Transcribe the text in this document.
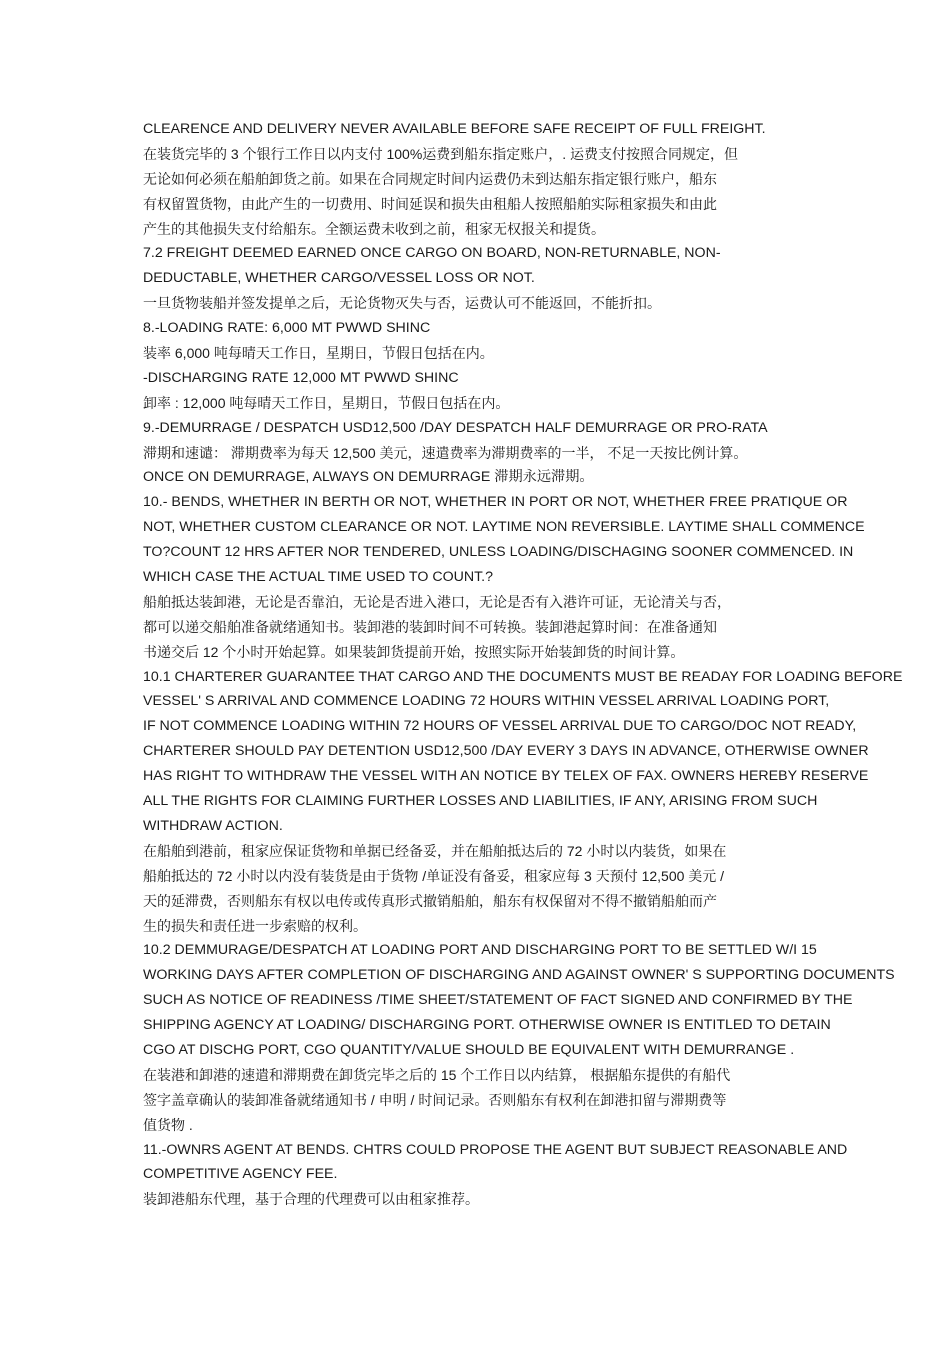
CLEARENCE AND DELIVERY NEVER AVAILABLE BEFORE SAFE RECEIPT OF FULL FREIGHT.
在装货完毕的 3 个银行工作日以内支付 100%运费到船东指定账户，. 运费支付按照合同规定，但
无论如何必须在船舶卸货之前。如果在合同规定时间内运费仍未到达船东指定银行账户，船东
有权留置货物，由此产生的一切费用、时间延误和损失由租船人按照船舶实际租家损失和由此
产生的其他损失支付给船东。全额运费未收到之前，租家无权报关和提货。
7.2 FREIGHT DEEMED EARNED ONCE CARGO ON BOARD, NON-RETURNABLE, NON-
DEDUCTABLE, WHETHER CARGO/VESSEL LOSS OR NOT.
一旦货物装船并签发提单之后，无论货物灭失与否，运费认可不能返回，不能折扣。
8.-LOADING RATE: 6,000 MT PWWD SHINC
装率 6,000 吨每晴天工作日，星期日，节假日包括在内。
-DISCHARGING RATE 12,000 MT PWWD SHINC
卸率 : 12,000 吨每晴天工作日，星期日，节假日包括在内。
9.-DEMURRAGE / DESPATCH USD12,500 /DAY DESPATCH HALF DEMURRAGE OR PRO-RATA
滞期和速谴： 滞期费率为每天 12,500 美元，速遣费率为滞期费率的一半， 不足一天按比例计算。
ONCE ON DEMURRAGE, ALWAYS ON DEMURRAGE 滞期永远滞期。
10.- BENDS, WHETHER IN BERTH OR NOT, WHETHER IN PORT OR NOT, WHETHER FREE PRATIQUE OR
NOT, WHETHER CUSTOM CLEARANCE OR NOT. LAYTIME NON REVERSIBLE. LAYTIME SHALL COMMENCE
TO?COUNT 12 HRS AFTER NOR TENDERED, UNLESS LOADING/DISCHAGING SOONER COMMENCED. IN
WHICH CASE THE ACTUAL TIME USED TO COUNT.?
船舶抵达装卸港，无论是否靠泊，无论是否进入港口，无论是否有入港许可证，无论清关与否，
都可以递交船舶准备就绪通知书。装卸港的装卸时间不可转换。装卸港起算时间：在准备通知
书递交后 12 个小时开始起算。如果装卸货提前开始，按照实际开始装卸货的时间计算。
10.1 CHARTERER GUARANTEE THAT CARGO AND THE DOCUMENTS MUST BE READAY FOR LOADING BEFORE
VESSEL' S ARRIVAL AND COMMENCE LOADING 72 HOURS WITHIN VESSEL ARRIVAL LOADING PORT,
IF NOT COMMENCE LOADING WITHIN 72 HOURS OF VESSEL ARRIVAL DUE TO CARGO/DOC NOT READY,
CHARTERER SHOULD PAY DETENTION USD12,500 /DAY EVERY 3 DAYS IN ADVANCE, OTHERWISE OWNER
HAS RIGHT TO WITHDRAW THE VESSEL WITH AN NOTICE BY TELEX OF FAX. OWNERS HEREBY RESERVE
ALL THE RIGHTS FOR CLAIMING FURTHER LOSSES AND LIABILITIES, IF ANY, ARISING FROM SUCH
WITHDRAW ACTION.
在船舶到港前，租家应保证货物和单据已经备妥，并在船舶抵达后的 72 小时以内装货，如果在
船舶抵达的 72 小时以内没有装货是由于货物 /单证没有备妥，租家应每 3 天预付 12,500 美元 /
天的延滞费，否则船东有权以电传或传真形式撤销船舶，船东有权保留对不得不撤销船舶而产
生的损失和责任进一步索赔的权利。
10.2 DEMMURAGE/DESPATCH AT LOADING PORT AND DISCHARGING PORT TO BE SETTLED W/I 15
WORKING DAYS AFTER COMPLETION OF DISCHARGING AND AGAINST OWNER' S SUPPORTING DOCUMENTS
SUCH AS NOTICE OF READINESS /TIME SHEET/STATEMENT OF FACT SIGNED AND CONFIRMED BY THE
SHIPPING AGENCY AT LOADING/ DISCHARGING PORT. OTHERWISE OWNER IS ENTITLED TO DETAIN
CGO AT DISCHG PORT, CGO QUANTITY/VALUE SHOULD BE EQUIVALENT WITH DEMURRANGE .
在装港和卸港的速遣和滞期费在卸货完毕之后的 15 个工作日以内结算， 根据船东提供的有船代
签字盖章确认的装卸准备就绪通知书 / 申明 / 时间记录。否则船东有权利在卸港扣留与滞期费等
值货物 .
11.-OWNRS AGENT AT BENDS. CHTRS COULD PROPOSE THE AGENT BUT SUBJECT REASONABLE AND
COMPETITIVE AGENCY FEE.
装卸港船东代理，基于合理的代理费可以由租家推荐。
